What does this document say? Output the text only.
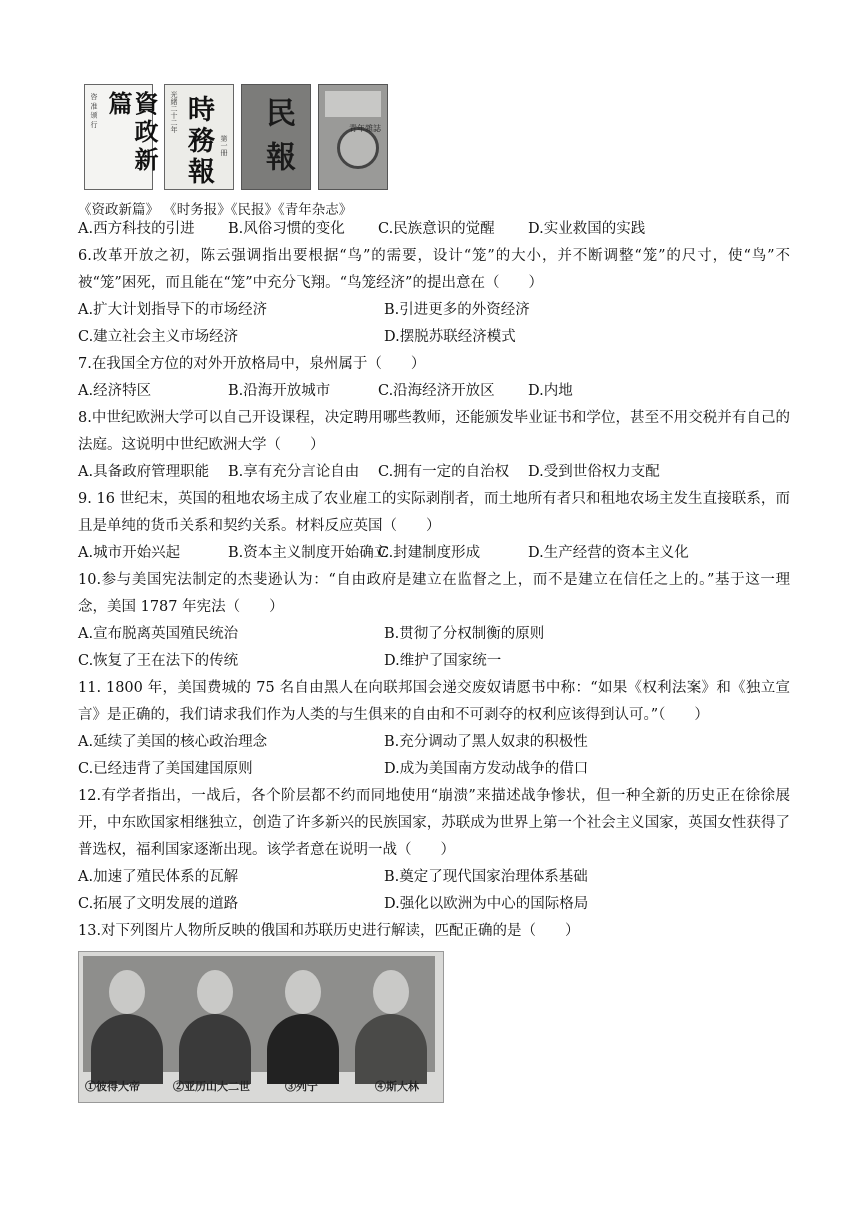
咨 准 颁 行	資政新篇	光緒二十二年
第一冊
時務報 民報	青年雜誌
《资政新篇》 《时务报》《民报》《青年杂志》
A.西方科技的引进	B.风俗习惯的变化	C.民族意识的觉醒	D.实业救国的实践

6.改革开放之初，陈云强调指出要根据“鸟”的需要，设计“笼”的大小，并不断调整“笼”的尺寸，使“鸟”不被“笼”困死，而且能在“笼”中充分飞翔。“鸟笼经济”的提出意在（　　）

A.扩大计划指导下的市场经济	B.引进更多的外资经济
C.建立社会主义市场经济	D.摆脱苏联经济模式

7.在我国全方位的对外开放格局中，泉州属于（　　）

A.经济特区	B.沿海开放城市	C.沿海经济开放区	D.内地

8.中世纪欧洲大学可以自己开设课程，决定聘用哪些教师，还能颁发毕业证书和学位，甚至不用交税并有自己的法庭。这说明中世纪欧洲大学（　　）

A.具备政府管理职能	B.享有充分言论自由	C.拥有一定的自治权	D.受到世俗权力支配

9. 16 世纪末，英国的租地农场主成了农业雇工的实际剥削者，而土地所有者只和租地农场主发生直接联系，而且是单纯的货币关系和契约关系。材料反应英国（　　）

A.城市开始兴起	B.资本主义制度开始确立
C.封建制度形成	D.生产经营的资本主义化

10.参与美国宪法制定的杰斐逊认为：“自由政府是建立在监督之上，而不是建立在信任之上的。”基于这一理念，美国 1787 年宪法（　　）

A.宣布脱离英国殖民统治	B.贯彻了分权制衡的原则
C.恢复了王在法下的传统	D.维护了国家统一

11. 1800 年，美国费城的 75 名自由黑人在向联邦国会递交废奴请愿书中称：“如果《权利法案》和《独立宣言》是正确的，我们请求我们作为人类的与生俱来的自由和不可剥夺的权利应该得到认可。”（　　）

A.延续了美国的核心政治理念	B.充分调动了黑人奴隶的积极性
C.已经违背了美国建国原则	D.成为美国南方发动战争的借口

12.有学者指出，一战后，各个阶层都不约而同地使用“崩溃”来描述战争惨状，但一种全新的历史正在徐徐展开，中东欧国家相继独立，创造了许多新兴的民族国家，苏联成为世界上第一个社会主义国家，英国女性获得了普选权，福利国家逐渐出现。该学者意在说明一战（　　）

A.加速了殖民体系的瓦解	B.奠定了现代国家治理体系基础
C.拓展了文明发展的道路	D.强化以欧洲为中心的国际格局

13.对下列图片人物所反映的俄国和苏联历史进行解读，匹配正确的是（　　）

①彼得大帝	②亚历山大二世	③列宁	④斯大林
